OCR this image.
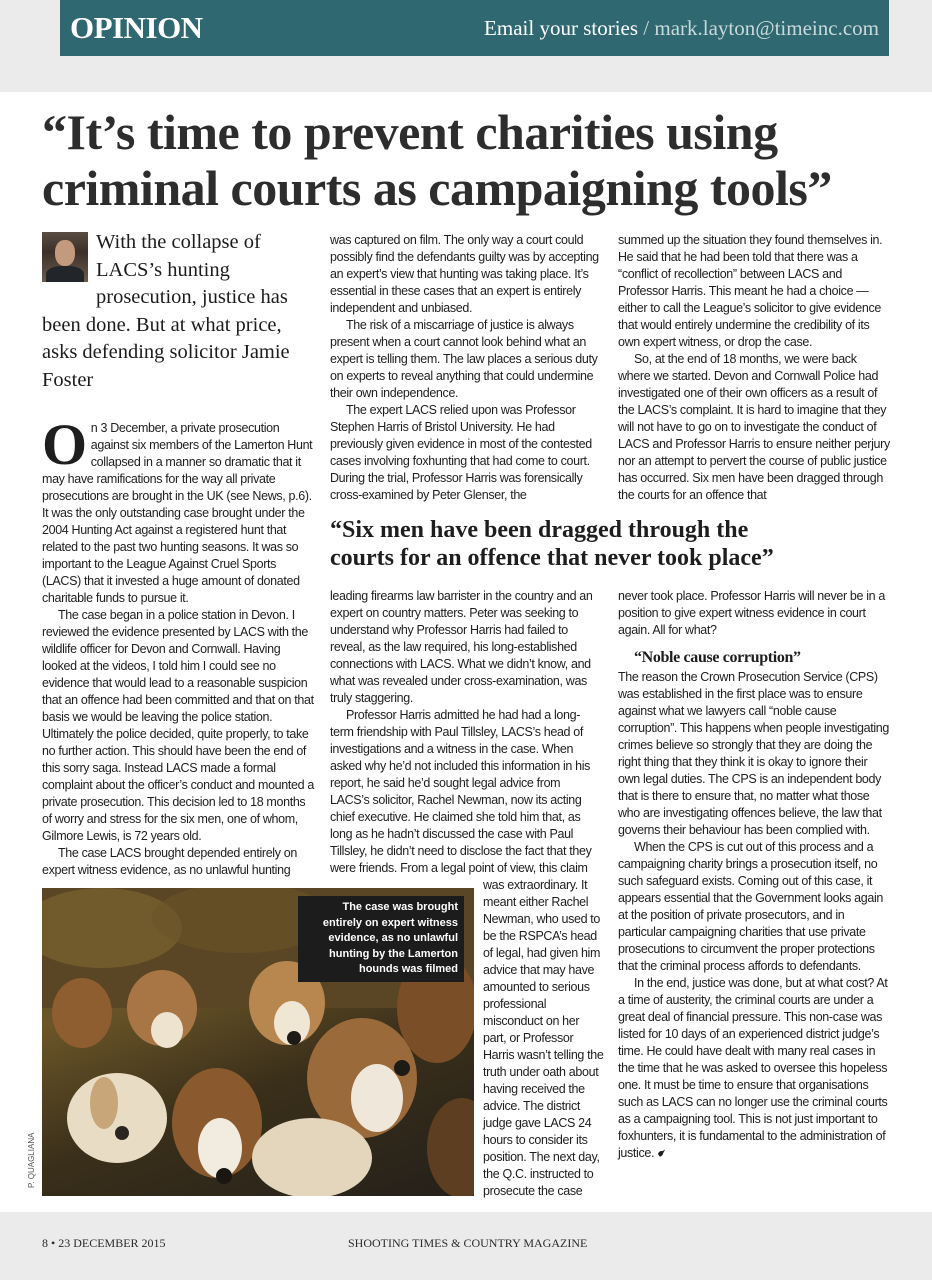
OPINION	Email your stories / mark.layton@timeinc.com
“It’s time to prevent charities using
criminal courts as campaigning tools”
With the collapse of LACS’s hunting prosecution, justice has been done. But at what price, asks defending solicitor Jamie Foster

On 3 December, a private prosecution against six members of the Lamerton Hunt collapsed in a manner so dramatic that it may have ramifications for the way all private prosecutions are brought in the UK (see News, p.6). It was the only outstanding case brought under the 2004 Hunting Act against a registered hunt that related to the past two hunting seasons. It was so important to the League Against Cruel Sports (LACS) that it invested a huge amount of donated charitable funds to pursue it.

The case began in a police station in Devon. I reviewed the evidence presented by LACS with the wildlife officer for Devon and Cornwall. Having looked at the videos, I told him I could see no evidence that would lead to a reasonable suspicion that an offence had been committed and that on that basis we would be leaving the police station. Ultimately the police decided, quite properly, to take no further action. This should have been the end of this sorry saga. Instead LACS made a formal complaint about the officer’s conduct and mounted a private prosecution. This decision led to 18 months of worry and stress for the six men, one of whom, Gilmore Lewis, is 72 years old.

The case LACS brought depended entirely on expert witness evidence, as no unlawful hunting

was captured on film. The only way a court could possibly find the defendants guilty was by accepting an expert’s view that hunting was taking place. It’s essential in these cases that an expert is entirely independent and unbiased.

The risk of a miscarriage of justice is always present when a court cannot look behind what an expert is telling them. The law places a serious duty on experts to reveal anything that could undermine their own independence.

The expert LACS relied upon was Professor Stephen Harris of Bristol University. He had previously given evidence in most of the contested cases involving foxhunting that had come to court. During the trial, Professor Harris was forensically cross-examined by Peter Glenser, the

summed up the situation they found themselves in. He said that he had been told that there was a “conflict of recollection” between LACS and Professor Harris. This meant he had a choice — either to call the League’s solicitor to give evidence that would entirely undermine the credibility of its own expert witness, or drop the case.

So, at the end of 18 months, we were back where we started. Devon and Cornwall Police had investigated one of their own officers as a result of the LACS’s complaint. It is hard to imagine that they will not have to go on to investigate the conduct of LACS and Professor Harris to ensure neither perjury nor an attempt to pervert the course of public justice has occurred. Six men have been dragged through the courts for an offence that

“Six men have been dragged through the
courts for an offence that never took place”

leading firearms law barrister in the country and an expert on country matters. Peter was seeking to understand why Professor Harris had failed to reveal, as the law required, his long-established connections with LACS. What we didn’t know, and what was revealed under cross-examination, was truly staggering.

Professor Harris admitted he had had a long-term friendship with Paul Tillsley, LACS’s head of investigations and a witness in the case. When asked why he’d not included this information in his report, he said he’d sought legal advice from LACS’s solicitor, Rachel Newman, now its acting chief executive. He claimed she told him that, as long as he hadn’t discussed the case with Paul Tillsley, he didn’t need to disclose the fact that they were friends. From a legal point of view, this claim

was extraordinary. It meant either Rachel Newman, who used to be the RSPCA’s head of legal, had given him advice that may have amounted to serious professional misconduct on her part, or Professor Harris wasn’t telling the truth under oath about having received the advice. The district judge gave LACS 24 hours to consider its position. The next day, the Q.C. instructed to prosecute the case

never took place. Professor Harris will never be in a position to give expert witness evidence in court again. All for what?

“Noble cause corruption”

The reason the Crown Prosecution Service (CPS) was established in the first place was to ensure against what we lawyers call “noble cause corruption”. This happens when people investigating crimes believe so strongly that they are doing the right thing that they think it is okay to ignore their own legal duties. The CPS is an independent body that is there to ensure that, no matter what those who are investigating offences believe, the law that governs their behaviour has been complied with.

When the CPS is cut out of this process and a campaigning charity brings a prosecution itself, no such safeguard exists. Coming out of this case, it appears essential that the Government looks again at the position of private prosecutors, and in particular campaigning charities that use private prosecutions to circumvent the proper protections that the criminal process affords to defendants.

In the end, justice was done, but at what cost? At a time of austerity, the criminal courts are under a great deal of financial pressure. This non-case was listed for 10 days of an experienced district judge’s time. He could have dealt with many real cases in the time that he was asked to oversee this hopeless one. It must be time to ensure that organisations such as LACS can no longer use the criminal courts as a campaigning tool. This is not just important to foxhunters, it is fundamental to the administration of justice.

The case was brought entirely on expert witness evidence, as no unlawful hunting by the Lamerton hounds was filmed
P. QUAGLIANA
8 • 23 DECEMBER 2015	SHOOTING TIMES & COUNTRY MAGAZINE
